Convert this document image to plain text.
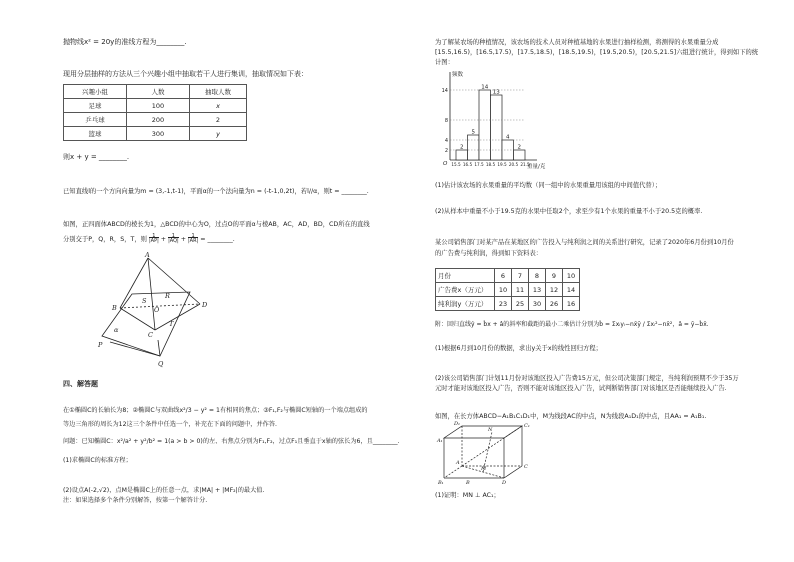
抛物线x² = 20y的准线方程为________.
现用分层抽样的方法从三个兴趣小组中抽取若干人进行集训，抽取情况如下表：
兴趣小组	人数	抽取人数
足球	100	x
乒乓球	200	2
篮球	300	y
则x + y = ________.
已知直线l的一个方向向量为m = (3,-1,t-1)，平面α的一个法向量为n = (-t-1,0,2t)，若l//α，则t = ________.
如图，正四面体ABCD的棱长为1，△BCD的中心为O，过点O的平面α与棱AB，AC，AD，BD，CD所在的直线
分别交于P，Q，R，S，T，则 1
|AP| + 1
|AQ| + 1
|AR| = ________.
A
B
C
D
S
O
R
T
P
Q
α
四、解答题
在①椭圆C的长轴长为8；②椭圆C与双曲线x²/3 − y² = 1有相同的焦点；③F₁,F₂与椭圆C短轴的一个端点组成的
等边三角形的周长为12这三个条件中任选一个，补充在下面的问题中，并作答.
问题：已知椭圆C：x²/a² + y²/b² = 1(a > b > 0)的左、右焦点分别为F₁,F₂，过点F₁且垂直于x轴的弦长为6，且________.
(1)求椭圆C的标准方程；
(2)设点A(-2,√2)，点M是椭圆C上的任意一点，求|MA| + |MF₂|的最大值.
注：如果选择多个条件分别解答，按第一个解答计分.
为了解某农场的种植情况，该农场的技术人员对种植基地的水果进行抽样检测，将测得的水果重量分成
[15.5,16.5)，[16.5,17.5)，[17.5,18.5)，[18.5,19.5)，[19.5,20.5)，[20.5,21.5]六组进行统计，得到如下的统
计图：
频数
重量/克
O
2
5
14
13
4
2
15.5 16.5 17.5 18.5 19.5 20.5 21.5
2
4
8
14
(1)估计该农场的水果重量的平均数（同一组中的水果重量用该组的中间值代替）；
(2)从样本中重量不小于19.5克的水果中任取2个，求至少有1个水果的重量不小于20.5克的概率.
某公司销售部门对某产品在某地区的广告投入与纯利润之间的关系进行研究，记录了2020年6月份到10月份
的广告费与纯利润，得到如下资料表：
月份	6	7	8	9	10
广告费x（万元）	10	11	13	12	14
纯利润y（万元）	23	25	30	26	16
附：回归直线ŷ = b̂x + â的斜率和截距的最小二乘估计分别为b̂ = Σxᵢyᵢ−nx̄ȳ / Σxᵢ²−nx̄²，â = ȳ−b̂x̄.
(1)根据6月到10月份的数据，求出y关于x的线性回归方程；
(2)该公司销售部门计划11月份对该地区投入广告费15万元，但公司决策部门规定，当纯利润预期不少于35万
元时才能对该地区投入广告，否则不能对该地区投入广告，试判断销售部门对该地区是否能继续投入广告.
如图，在长方体ABCD−A₁B₁C₁D₁中，M为线段AC的中点，N为线段A₁D₁的中点，且AA₁ = A₁B₁.
D₁	C₁
A₁
N
A
C
M
B₁	D
B
(1)证明：MN ⊥ AC₁；
